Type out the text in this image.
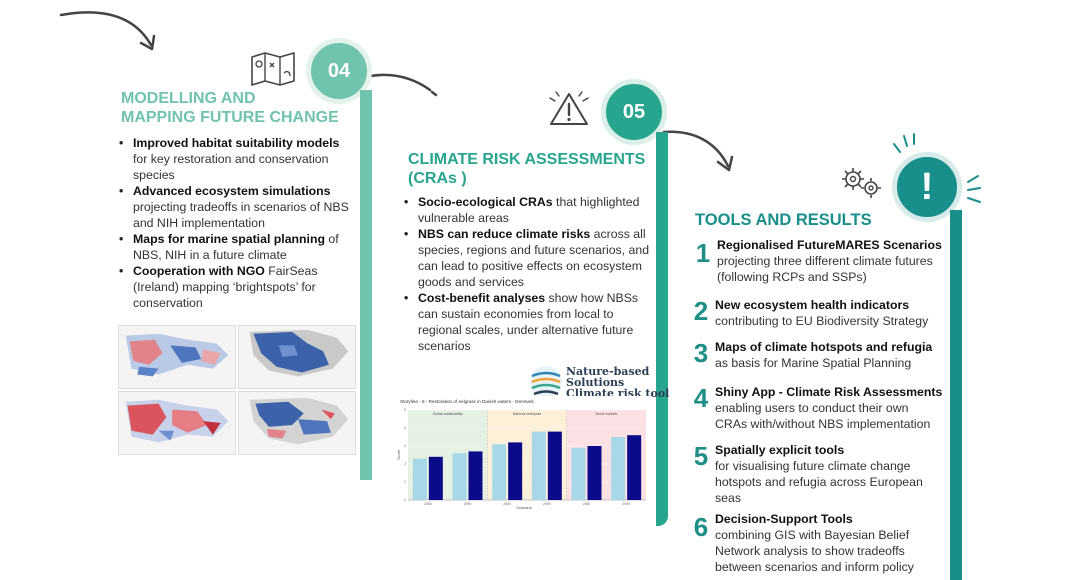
04
MODELLING AND
MAPPING FUTURE CHANGE
• Improved habitat suitability models for key restoration and conservation species
• Advanced ecosystem simulations projecting tradeoffs in scenarios of NBS and NIH implementation
• Maps for marine spatial planning of NBS, NIH in a future climate
• Cooperation with NGO FairSeas (Ireland) mapping ‘brightspots’ for conservation
05
CLIMATE RISK ASSESSMENTS
(CRAs )
• Socio-ecological CRAs that highlighted vulnerable areas
• NBS can reduce climate risks across all species, regions and future scenarios, and can lead to positive effects on ecosystem goods and services
• Cost-benefit analyses show how NBSs can sustain economies from local to regional scales, under alternative future scenarios
Nature-based
Solutions
Climate risk tool
Storyline - 6 - Restoration of eelgrass in Danish waters - Denmark
Score
Scenario
Global sustainability	National enterprise	World markets
0
1
2
3
4
5
2050	2090	2050	2090	2050	2090
!
TOOLS AND RESULTS
1 Regionalised FutureMARES Scenarios
projecting three different climate futures
(following RCPs and SSPs)
2 New ecosystem health indicators
contributing to EU Biodiversity Strategy
3 Maps of climate hotspots and refugia
as basis for Marine Spatial Planning
4 Shiny App - Climate Risk Assessments
enabling users to conduct their own
CRAs with/without NBS implementation
5 Spatially explicit tools
for visualising future climate change
hotspots and refugia across European
seas
6 Decision-Support Tools
combining GIS with Bayesian Belief
Network analysis to show tradeoffs
between scenarios and inform policy
